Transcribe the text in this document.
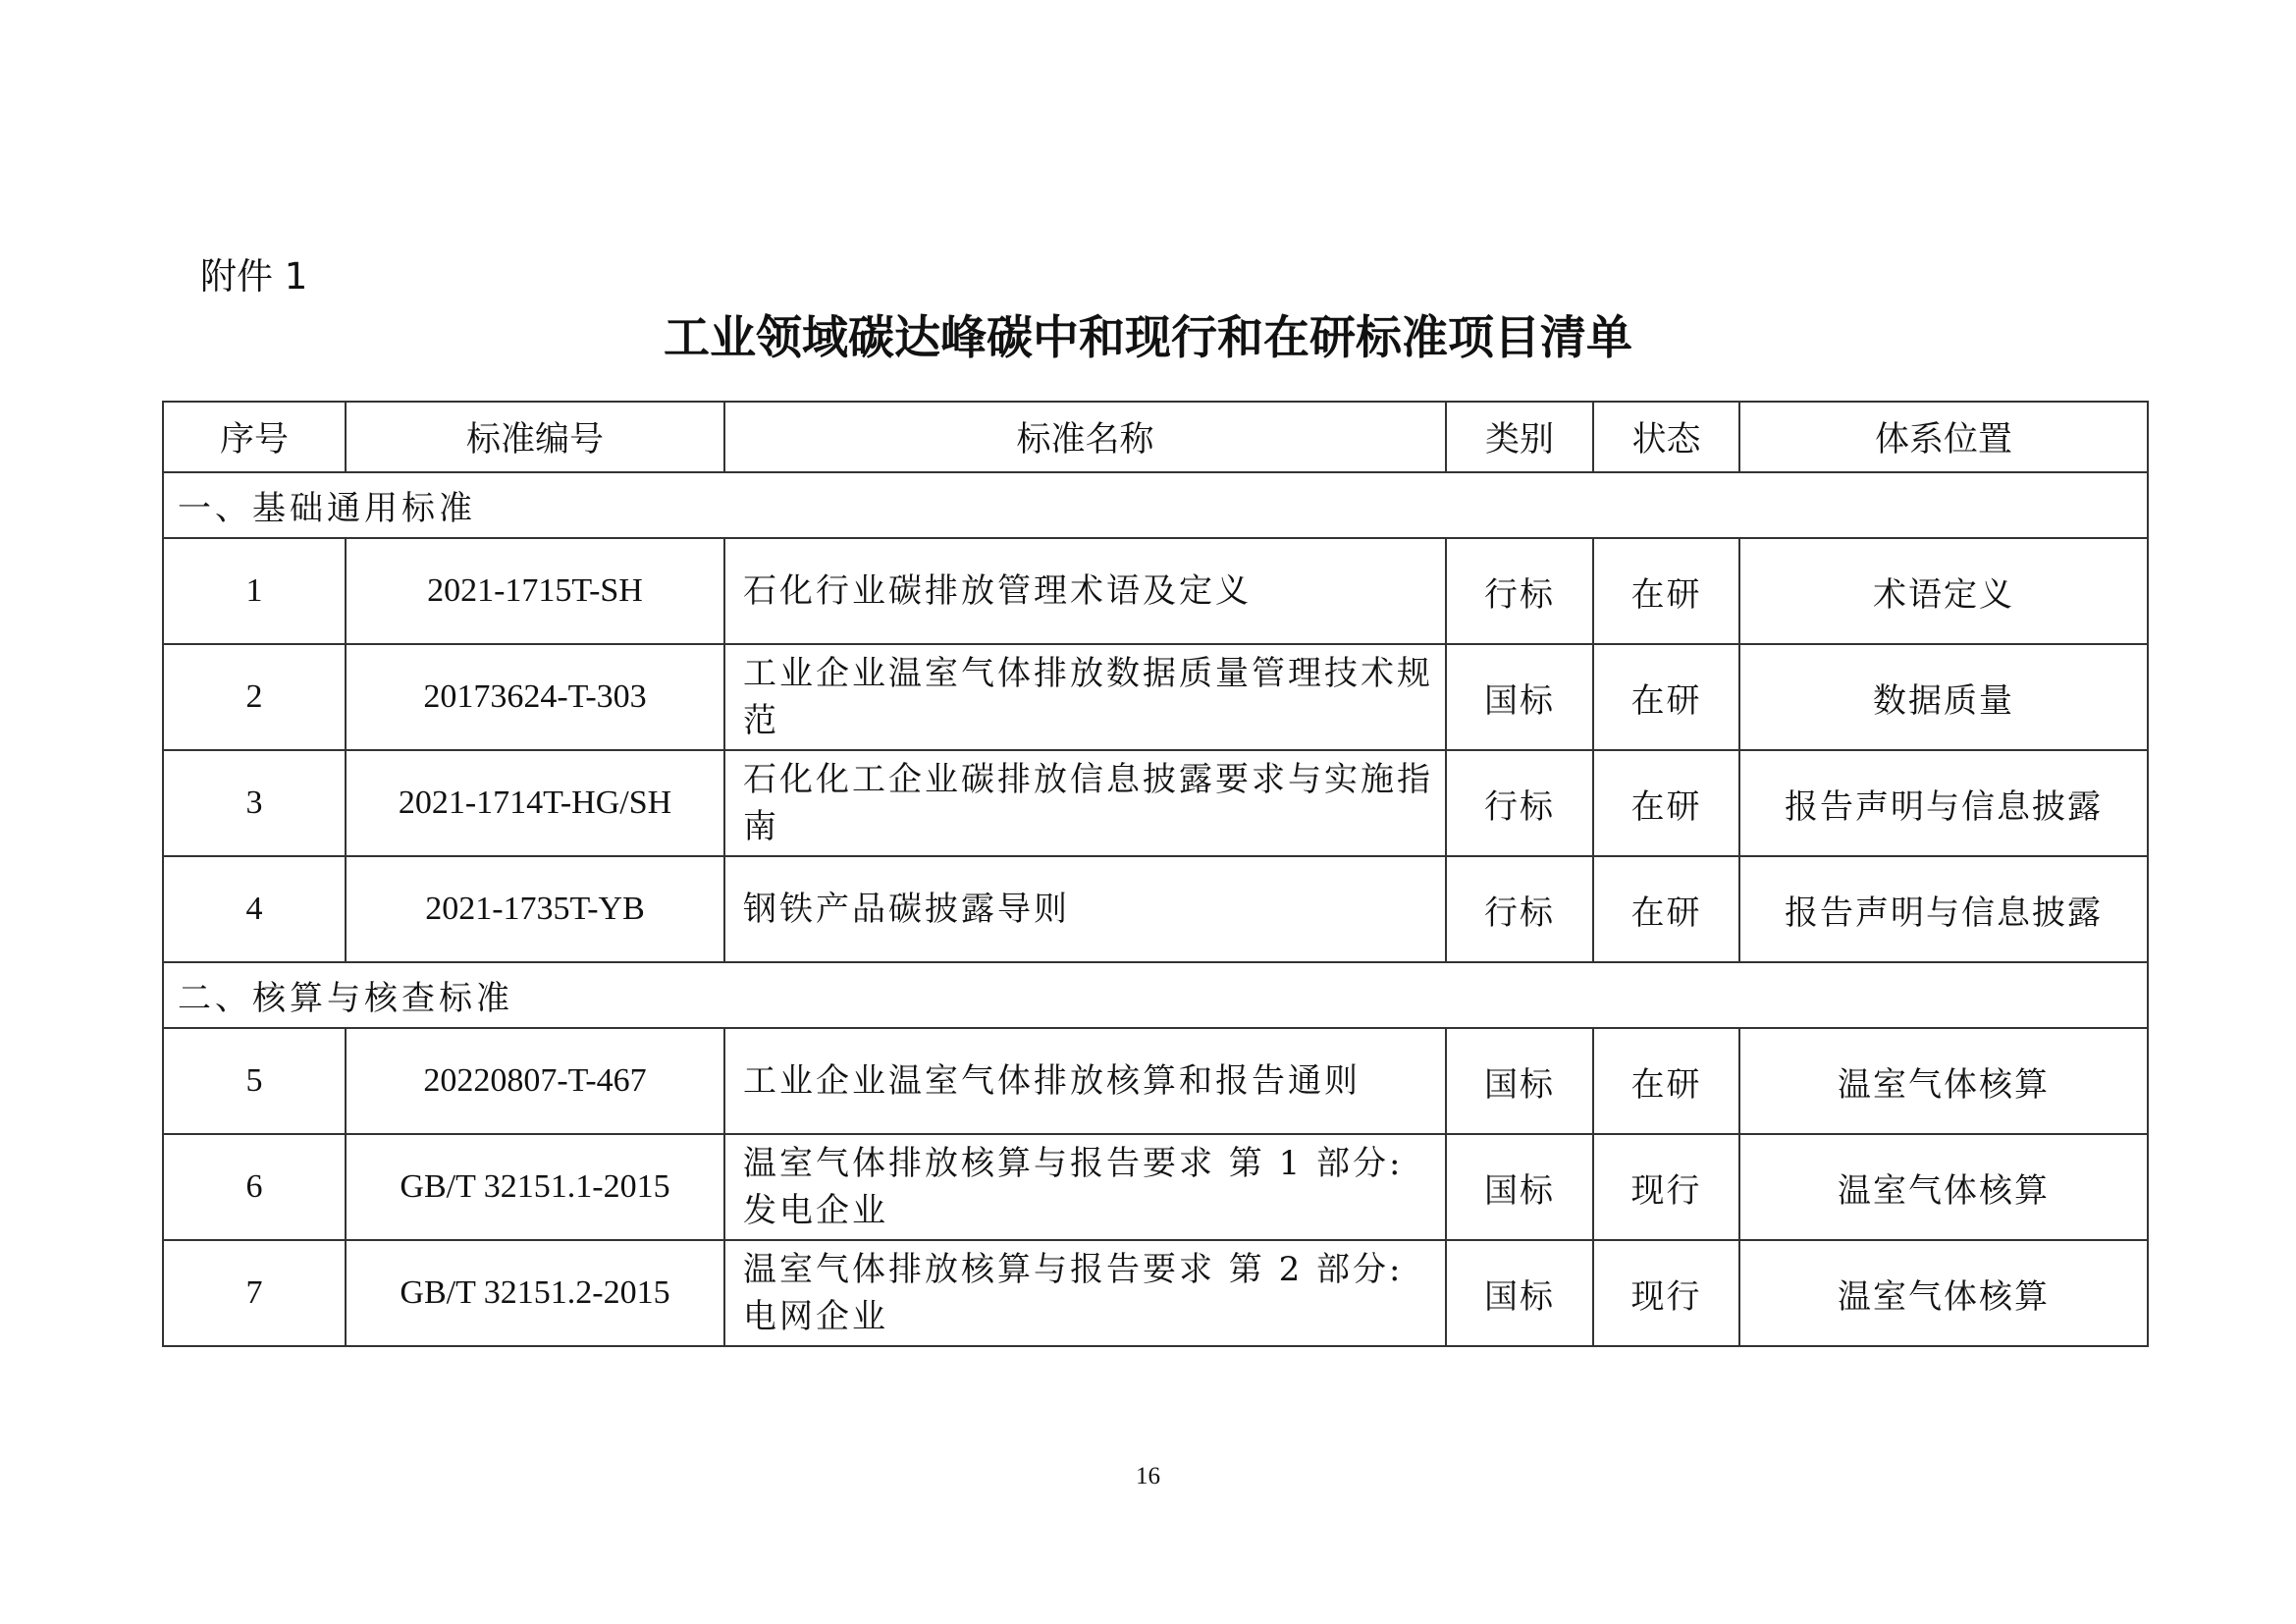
附件 1
工业领域碳达峰碳中和现行和在研标准项目清单
序号	标准编号	标准名称	类别	状态	体系位置
一、基础通用标准					
1	2021-1715T-SH	石化行业碳排放管理术语及定义	行标	在研	术语定义
2	20173624-T-303	工业企业温室气体排放数据质量管理技术规范	国标	在研	数据质量
3	2021-1714T-HG/SH	石化化工企业碳排放信息披露要求与实施指南	行标	在研	报告声明与信息披露
4	2021-1735T-YB	钢铁产品碳披露导则	行标	在研	报告声明与信息披露
二、核算与核查标准					
5	20220807-T-467	工业企业温室气体排放核算和报告通则	国标	在研	温室气体核算
6	GB/T 32151.1-2015	温室气体排放核算与报告要求 第 1 部分:发电企业	国标	现行	温室气体核算
7	GB/T 32151.2-2015	温室气体排放核算与报告要求 第 2 部分:电网企业	国标	现行	温室气体核算
16
